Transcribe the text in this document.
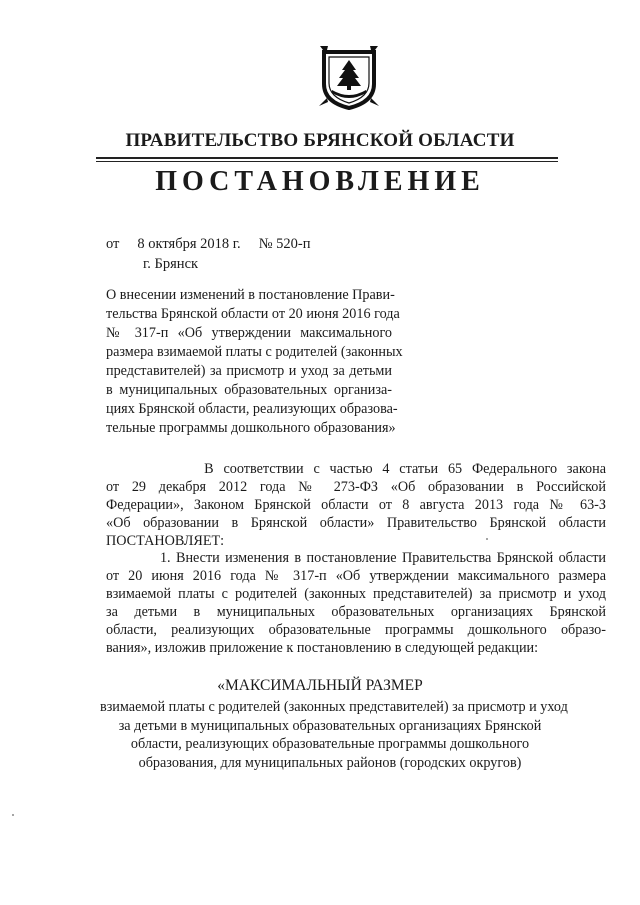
ПРАВИТЕЛЬСТВО БРЯНСКОЙ ОБЛАСТИ
ПОСТАНОВЛЕНИЕ
от 8 октября 2018 г. № 520-п
г. Брянск
О внесении изменений в постановление Прави-
тельства Брянской области от 20 июня 2016 года
№ 317-п «Об утверждении максимального
размера взимаемой платы с родителей (законных
представителей) за присмотр и уход за детьми
в муниципальных образовательных организа-
циях Брянской области, реализующих образова-
тельные программы дошкольного образования»
В соответствии с частью 4 статьи 65 Федерального закона
от 29 декабря 2012 года № 273-ФЗ «Об образовании в Российской
Федерации», Законом Брянской области от 8 августа 2013 года № 63-З
«Об образовании в Брянской области» Правительство Брянской области
ПОСТАНОВЛЯЕТ:
1. Внести изменения в постановление Правительства Брянской области
от 20 июня 2016 года № 317-п «Об утверждении максимального размера
взимаемой платы с родителей (законных представителей) за присмотр и уход
за детьми в муниципальных образовательных организациях Брянской
области, реализующих образовательные программы дошкольного образо-
вания», изложив приложение к постановлению в следующей редакции:
«МАКСИМАЛЬНЫЙ РАЗМЕР
взимаемой платы с родителей (законных представителей) за присмотр и уход
за детьми в муниципальных образовательных организациях Брянской
области, реализующих образовательные программы дошкольного
образования, для муниципальных районов (городских округов)
